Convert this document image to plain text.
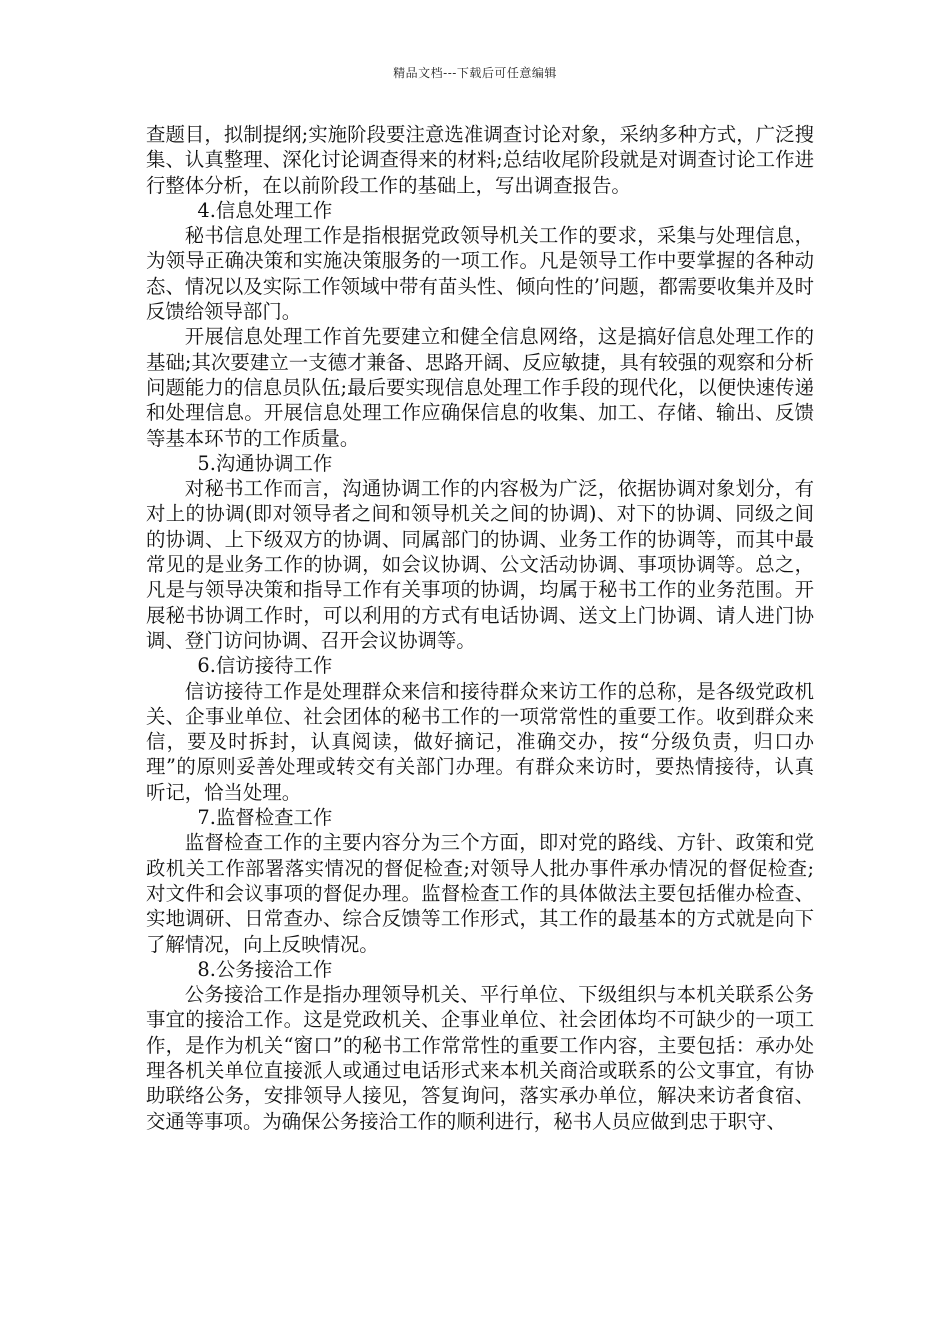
精品文档---下载后可任意编辑

查题目，拟制提纲;实施阶段要注意选准调查讨论对象，采纳多种方式，广泛搜集、认真整理、深化讨论调查得来的材料;总结收尾阶段就是对调查讨论工作进行整体分析，在以前阶段工作的基础上，写出调查报告。

4.信息处理工作

秘书信息处理工作是指根据党政领导机关工作的要求，采集与处理信息，为领导正确决策和实施决策服务的一项工作。凡是领导工作中要掌握的各种动态、情况以及实际工作领域中带有苗头性、倾向性的’问题，都需要收集并及时反馈给领导部门。

开展信息处理工作首先要建立和健全信息网络，这是搞好信息处理工作的基础;其次要建立一支德才兼备、思路开阔、反应敏捷，具有较强的观察和分析问题能力的信息员队伍;最后要实现信息处理工作手段的现代化，以便快速传递和处理信息。开展信息处理工作应确保信息的收集、加工、存储、输出、反馈等基本环节的工作质量。

5.沟通协调工作

对秘书工作而言，沟通协调工作的内容极为广泛，依据协调对象划分，有对上的协调(即对领导者之间和领导机关之间的协调)、对下的协调、同级之间的协调、上下级双方的协调、同属部门的协调、业务工作的协调等，而其中最常见的是业务工作的协调，如会议协调、公文活动协调、事项协调等。总之，凡是与领导决策和指导工作有关事项的协调，均属于秘书工作的业务范围。开展秘书协调工作时，可以利用的方式有电话协调、送文上门协调、请人进门协调、登门访问协调、召开会议协调等。

6.信访接待工作

信访接待工作是处理群众来信和接待群众来访工作的总称，是各级党政机关、企事业单位、社会团体的秘书工作的一项常常性的重要工作。收到群众来信，要及时拆封，认真阅读，做好摘记，准确交办，按“分级负责，归口办理”的原则妥善处理或转交有关部门办理。有群众来访时，要热情接待，认真听记，恰当处理。

7.监督检查工作

监督检查工作的主要内容分为三个方面，即对党的路线、方针、政策和党政机关工作部署落实情况的督促检查;对领导人批办事件承办情况的督促检查;对文件和会议事项的督促办理。监督检查工作的具体做法主要包括催办检查、实地调研、日常查办、综合反馈等工作形式，其工作的最基本的方式就是向下了解情况，向上反映情况。

8.公务接洽工作

公务接洽工作是指办理领导机关、平行单位、下级组织与本机关联系公务事宜的接洽工作。这是党政机关、企事业单位、社会团体均不可缺少的一项工作，是作为机关“窗口”的秘书工作常常性的重要工作内容，主要包括：承办处理各机关单位直接派人或通过电话形式来本机关商洽或联系的公文事宜，有协助联络公务，安排领导人接见，答复询问，落实承办单位，解决来访者食宿、交通等事项。为确保公务接洽工作的顺利进行，秘书人员应做到忠于职守、
